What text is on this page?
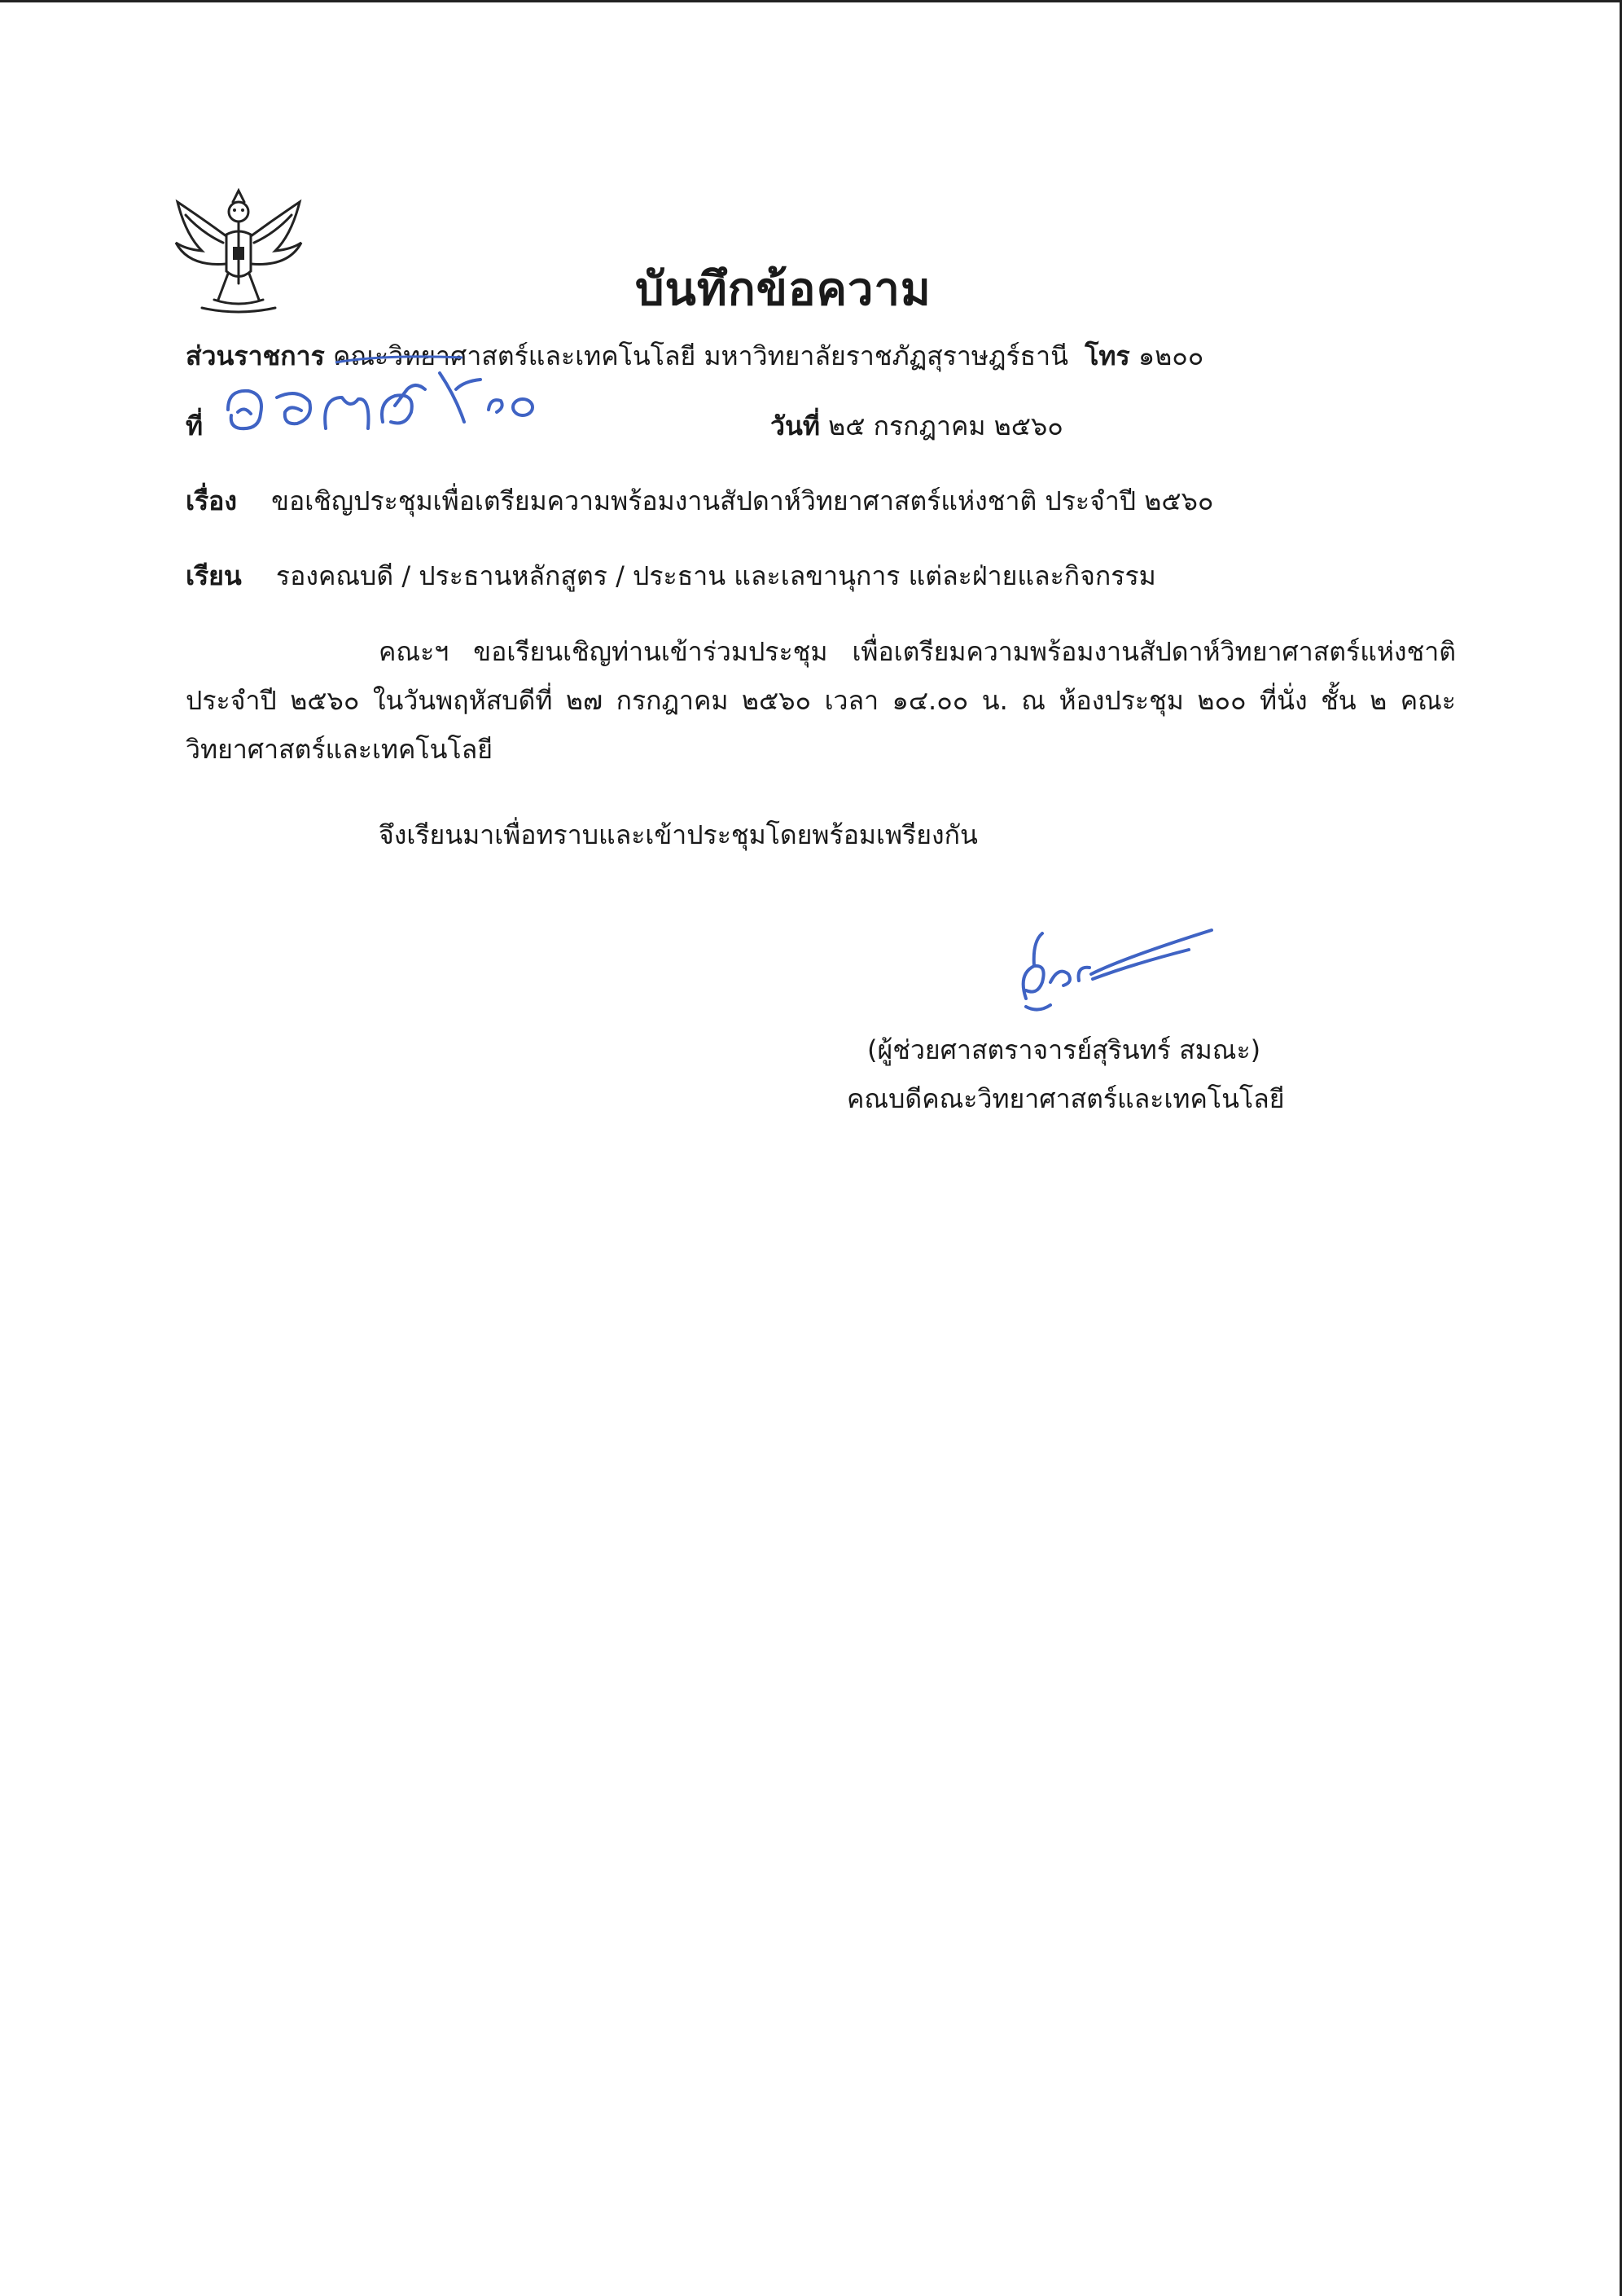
บันทึกข้อความ
ส่วนราชการ คณะวิทยาศาสตร์และเทคโนโลยี มหาวิทยาลัยราชภัฏสุราษฎร์ธานี โทร ๑๒๐๐
ที่	วันที่ ๒๕ กรกฎาคม ๒๕๖๐
เรื่อง ขอเชิญประชุมเพื่อเตรียมความพร้อมงานสัปดาห์วิทยาศาสตร์แห่งชาติ ประจำปี ๒๕๖๐
เรียน รองคณบดี / ประธานหลักสูตร / ประธาน และเลขานุการ แต่ละฝ่ายและกิจกรรม
คณะฯ ขอเรียนเชิญท่านเข้าร่วมประชุม เพื่อเตรียมความพร้อมงานสัปดาห์วิทยาศาสตร์แห่งชาติ ประจำปี ๒๕๖๐ ในวันพฤหัสบดีที่ ๒๗ กรกฎาคม ๒๕๖๐ เวลา ๑๔.๐๐ น. ณ ห้องประชุม ๒๐๐ ที่นั่ง ชั้น ๒ คณะวิทยาศาสตร์และเทคโนโลยี
จึงเรียนมาเพื่อทราบและเข้าประชุมโดยพร้อมเพรียงกัน
(ผู้ช่วยศาสตราจารย์สุรินทร์ สมณะ)
คณบดีคณะวิทยาศาสตร์และเทคโนโลยี
